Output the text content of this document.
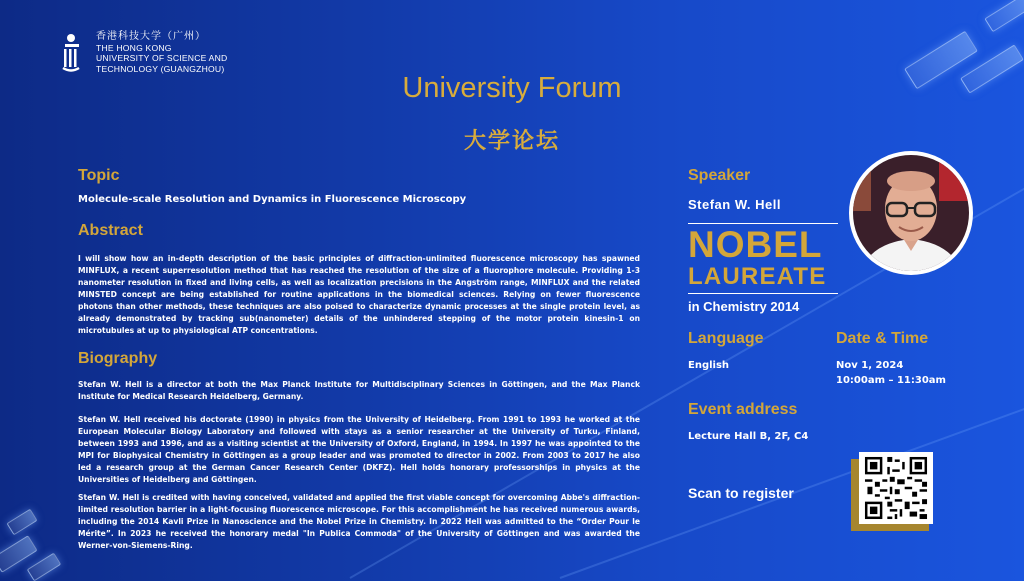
香港科技大学（广州）
THE HONG KONG
UNIVERSITY OF SCIENCE AND
TECHNOLOGY (GUANGZHOU)
University Forum
大学论坛
Topic
Molecule-scale Resolution and Dynamics in Fluorescence Microscopy
Abstract
I will show how an in-depth description of the basic principles of diffraction-unlimited fluorescence microscopy has spawned MINFLUX, a recent superresolution method that has reached the resolution of the size of a fluorophore molecule. Providing 1-3 nanometer resolution in fixed and living cells, as well as localization precisions in the Angström range, MINFLUX and the related MINSTED concept are being established for routine applications in the biomedical sciences. Relying on fewer fluorescence photons than other methods, these techniques are also poised to characterize dynamic processes at the single protein level, as already demonstrated by tracking sub(nanometer) details of the unhindered stepping of the motor protein kinesin-1 on microtubules at up to physiological ATP concentrations.
Biography
Stefan W. Hell is a director at both the Max Planck Institute for Multidisciplinary Sciences in Göttingen, and the Max Planck Institute for Medical Research Heidelberg, Germany.
Stefan W. Hell received his doctorate (1990) in physics from the University of Heidelberg. From 1991 to 1993 he worked at the European Molecular Biology Laboratory and followed with stays as a senior researcher at the University of Turku, Finland, between 1993 and 1996, and as a visiting scientist at the University of Oxford, England, in 1994. In 1997 he was appointed to the MPI for Biophysical Chemistry in Göttingen as a group leader and was promoted to director in 2002. From 2003 to 2017 he also led a research group at the German Cancer Research Center (DKFZ). Hell holds honorary professorships in physics at the Universities of Heidelberg and Göttingen.
Stefan W. Hell is credited with having conceived, validated and applied the first viable concept for overcoming Abbe's diffraction-limited resolution barrier in a light-focusing fluorescence microscope. For this accomplishment he has received numerous awards, including the 2014 Kavli Prize in Nanoscience and the Nobel Prize in Chemistry. In 2022 Hell was admitted to the “Order Pour le Mérite”. In 2023 he received the honorary medal "In Publica Commoda" of the University of Göttingen and was awarded the Werner-von-Siemens-Ring.
Speaker
Stefan W. Hell
NOBEL
LAUREATE
in Chemistry 2014
Language
English
Date & Time
Nov 1, 2024
10:00am – 11:30am
Event address
Lecture Hall B, 2F, C4
Scan to register
